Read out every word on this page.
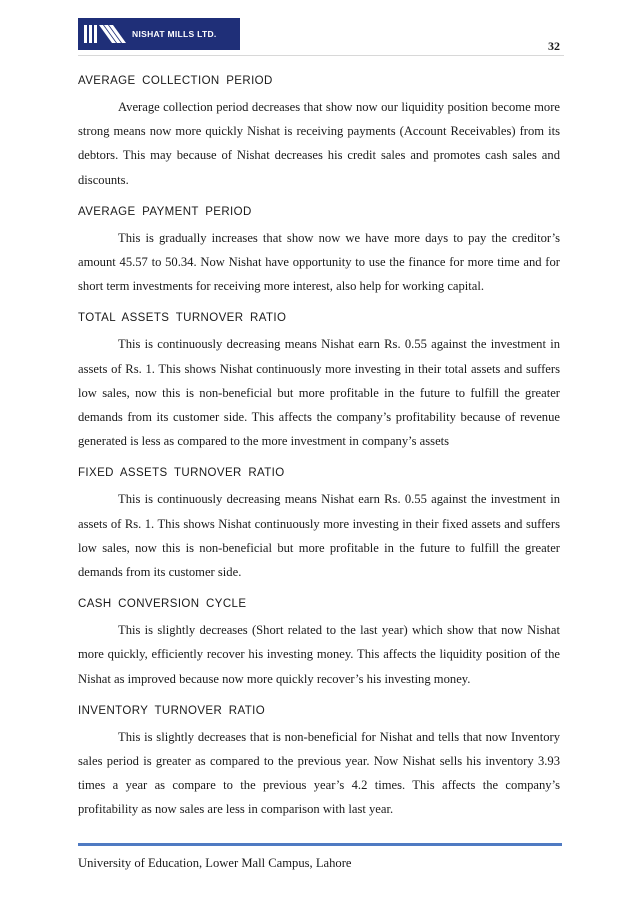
NISHAT MILLS LTD.
32
AVERAGE COLLECTION PERIOD

Average collection period decreases that show now our liquidity position become more strong means now more quickly Nishat is receiving payments (Account Receivables) from its debtors. This may because of Nishat decreases his credit sales and promotes cash sales and discounts.

AVERAGE PAYMENT PERIOD

This is gradually increases that show now we have more days to pay the creditor’s amount 45.57 to 50.34. Now Nishat have opportunity to use the finance for more time and for short term investments for receiving more interest, also help for working capital.

TOTAL ASSETS TURNOVER RATIO

This is continuously decreasing means Nishat earn Rs. 0.55 against the investment in assets of Rs. 1. This shows Nishat continuously more investing in their total assets and suffers low sales, now this is non-beneficial but more profitable in the future to fulfill the greater demands from its customer side. This affects the company’s profitability because of revenue generated is less as compared to the more investment in company’s assets

FIXED ASSETS TURNOVER RATIO

This is continuously decreasing means Nishat earn Rs. 0.55 against the investment in assets of Rs. 1. This shows Nishat continuously more investing in their fixed assets and suffers low sales, now this is non-beneficial but more profitable in the future to fulfill the greater demands from its customer side.

CASH CONVERSION CYCLE

This is slightly decreases (Short related to the last year) which show that now Nishat more quickly, efficiently recover his investing money. This affects the liquidity position of the Nishat as improved because now more quickly recover’s his investing money.

INVENTORY TURNOVER RATIO

This is slightly decreases that is non-beneficial for Nishat and tells that now Inventory sales period is greater as compared to the previous year. Now Nishat sells his inventory 3.93 times a year as compare to the previous year’s 4.2 times. This affects the company’s profitability as now sales are less in comparison with last year.

University of Education, Lower Mall Campus, Lahore
